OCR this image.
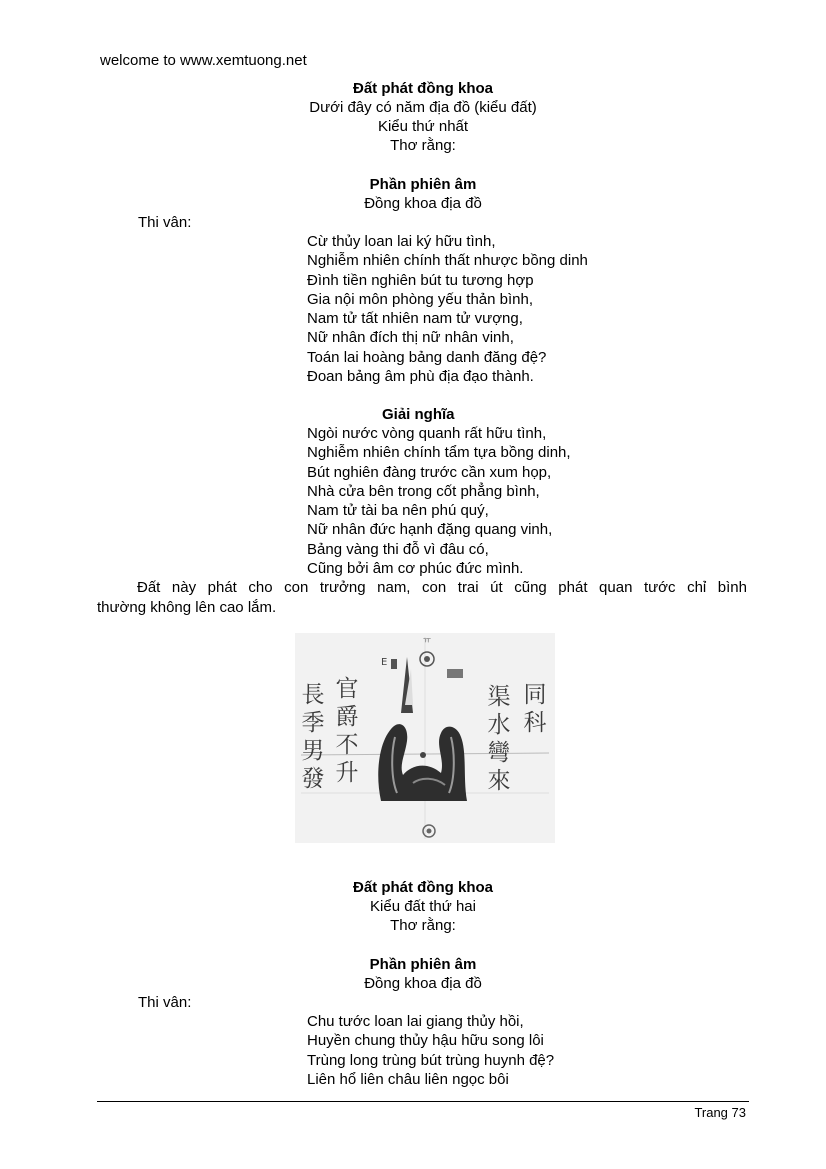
welcome to www.xemtuong.net
Đất phát đồng khoa
Dưới đây có năm địa đồ (kiểu đất)
Kiểu thứ nhất
Thơ rằng:
Phần phiên âm
Đồng khoa địa đồ
Thi vân:
Cừ thủy loan lai ký hữu tình,
Nghiễm nhiên chính thất nhược bồng dinh
Đình tiền nghiên bút tu tương hợp
Gia nội môn phòng yếu thản bình,
Nam tử tất nhiên nam tử vượng,
Nữ nhân đích thị nữ nhân vinh,
Toán lai hoàng bảng danh đăng đệ?
Đoan bảng âm phù địa đạo thành.
Giải nghĩa
Ngòi nước vòng quanh rất hữu tình,
Nghiễm nhiên chính tẩm tựa bồng dinh,
Bút nghiên đàng trước cần xum họp,
Nhà cửa bên trong cốt phẳng bình,
Nam tử tài ba nên phú quý,
Nữ nhân đức hạnh đặng quang vinh,
Bảng vàng thi đỗ vì đâu có,
Cũng bởi âm cơ phúc đức mình.
Đất này phát cho con trưởng nam, con trai út cũng phát quan tước chỉ bình
thường không lên cao lắm.
ㅠ
E
長季男發
官爵不升
渠水彎來
同科
Đất phát đồng khoa
Kiểu đất thứ hai
Thơ rằng:
Phần phiên âm
Đồng khoa địa đồ
Thi vân:
Chu tước loan lai giang thủy hồi,
Huyền chung thủy hậu hữu song lôi
Trùng long trùng bút trùng huynh đệ?
Liên hổ liên châu liên ngọc bôi
Trang 73
